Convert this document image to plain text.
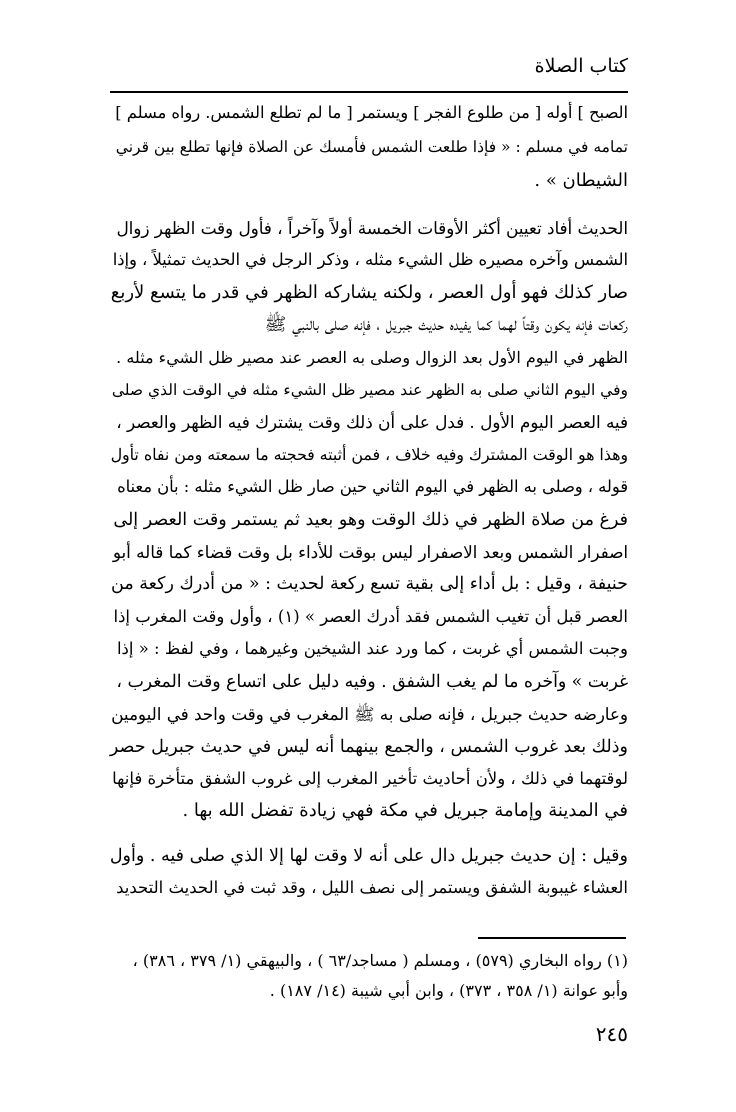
كتاب الصلاة

الصبح ] أوله [ من طلوع الفجر ] ويستمر [ ما لم تطلع الشمس. رواه مسلم ]

تمامه في مسلم : « فإذا طلعت الشمس فأمسك عن الصلاة فإنها تطلع بين قرني

الشيطان » .

الحديث أفاد تعيين أكثر الأوقات الخمسة أولاً وآخراً ، فأول وقت الظهر زوال

الشمس وآخره مصيره ظل الشيء مثله ، وذكر الرجل في الحديث تمثيلاً ، وإذا

صار كذلك فهو أول العصر ، ولكنه يشاركه الظهر في قدر ما يتسع لأربع

ركعات فإنه يكون وقتاً لهما كما يفيده حديث جبريل ، فإنه صلى بالنبي ﷺ

الظهر في اليوم الأول بعد الزوال وصلى به العصر عند مصير ظل الشيء مثله .

وفي اليوم الثاني صلى به الظهر عند مصير ظل الشيء مثله في الوقت الذي صلى

فيه العصر اليوم الأول . فدل على أن ذلك وقت يشترك فيه الظهر والعصر ،

وهذا هو الوقت المشترك وفيه خلاف ، فمن أثبته فحجته ما سمعته ومن نفاه تأول

قوله ، وصلى به الظهر في اليوم الثاني حين صار ظل الشيء مثله : بأن معناه

فرغ من صلاة الظهر في ذلك الوقت وهو بعيد ثم يستمر وقت العصر إلى

اصفرار الشمس وبعد الاصفرار ليس بوقت للأداء بل وقت قضاء كما قاله أبو

حنيفة ، وقيل : بل أداء إلى بقية تسع ركعة لحديث : « من أدرك ركعة من

العصر قبل أن تغيب الشمس فقد أدرك العصر » (١) ، وأول وقت المغرب إذا

وجبت الشمس أي غربت ، كما ورد عند الشيخين وغيرهما ، وفي لفظ : « إذا

غربت » وآخره ما لم يغب الشفق . وفيه دليل على اتساع وقت المغرب ،

وعارضه حديث جبريل ، فإنه صلى به ﷺ المغرب في وقت واحد في اليومين

وذلك بعد غروب الشمس ، والجمع بينهما أنه ليس في حديث جبريل حصر

لوقتهما في ذلك ، ولأن أحاديث تأخير المغرب إلى غروب الشفق متأخرة فإنها

في المدينة وإمامة جبريل في مكة فهي زيادة تفضل الله بها .

وقيل : إن حديث جبريل دال على أنه لا وقت لها إلا الذي صلى فيه . وأول

العشاء غيبوبة الشفق ويستمر إلى نصف الليل ، وقد ثبت في الحديث التحديد

(١) رواه البخاري (٥٧٩) ، ومسلم ( مساجد/٦٣ ) ، والبيهقي (١/ ٣٧٩ ، ٣٨٦) ،

وأبو عوانة (١/ ٣٥٨ ، ٣٧٣) ، وابن أبي شيبة (١٤/ ١٨٧) .

٢٤٥
